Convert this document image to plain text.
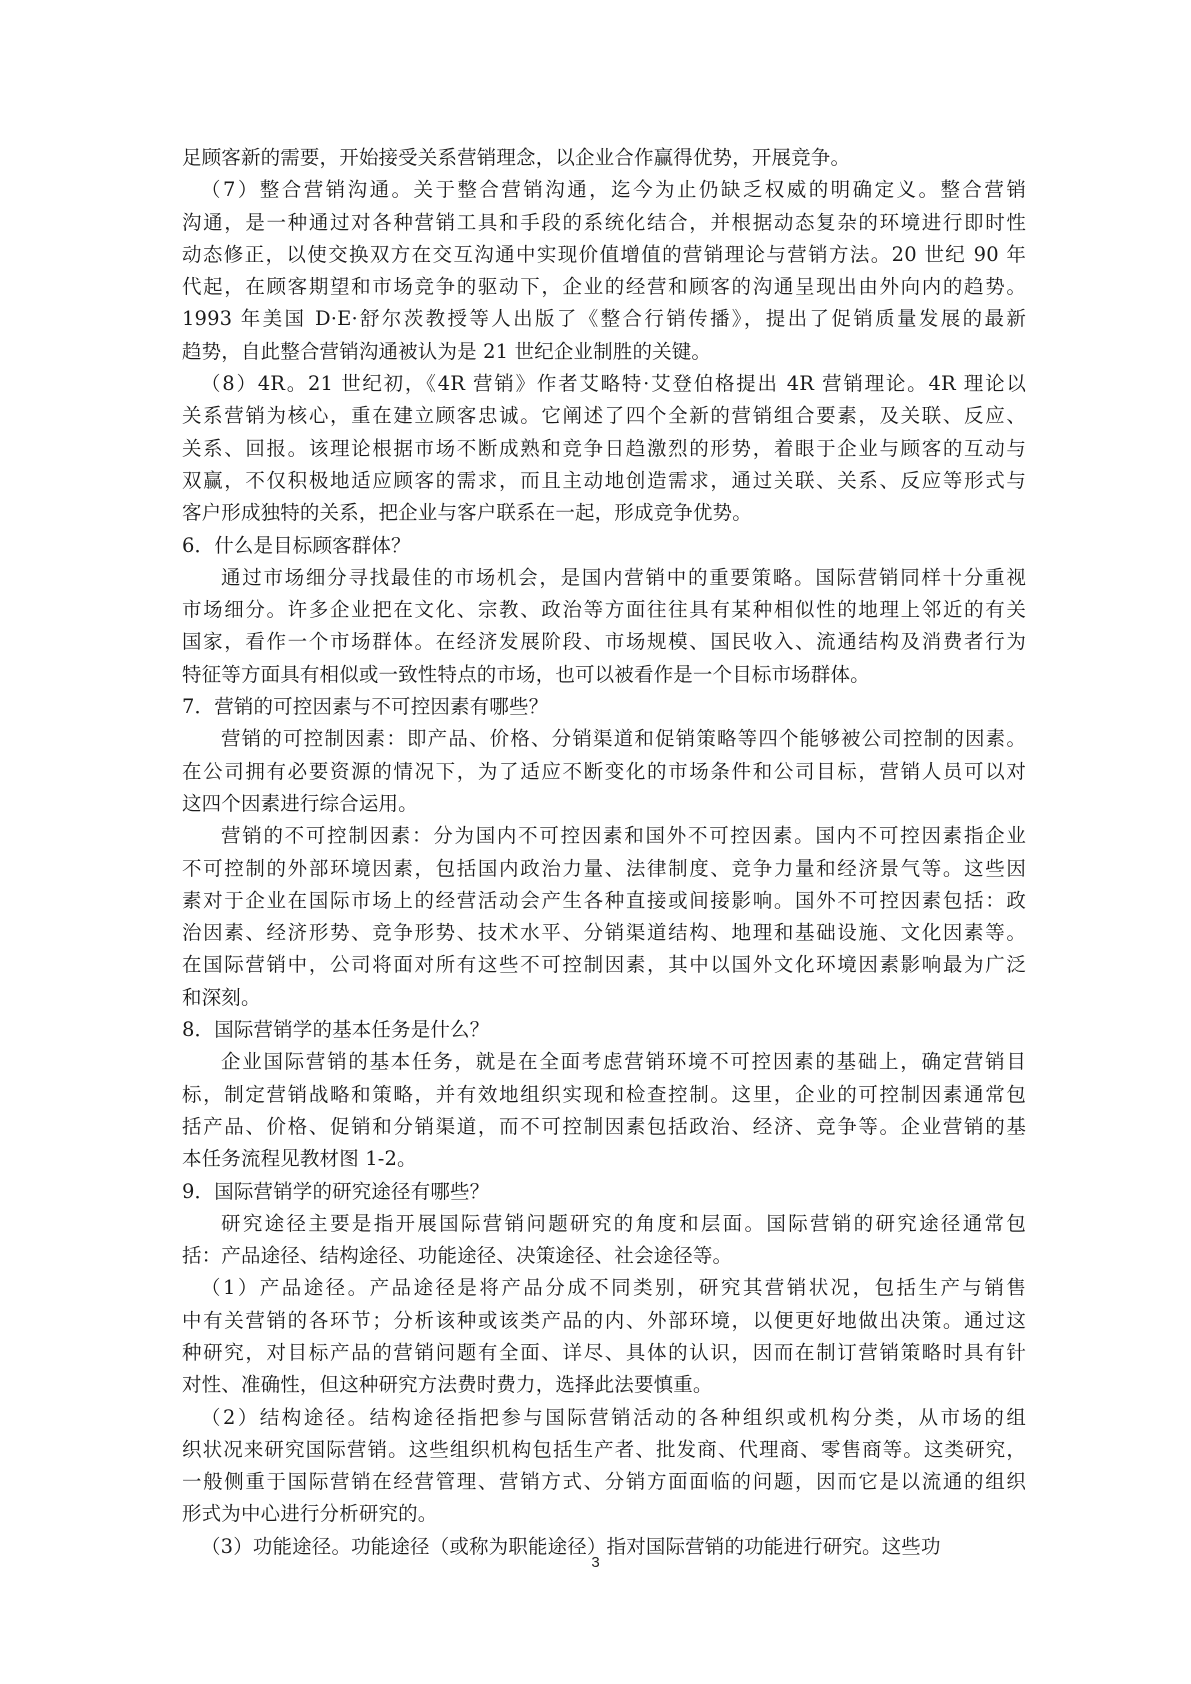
足顾客新的需要，开始接受关系营销理念，以企业合作赢得优势，开展竞争。

（7）整合营销沟通。关于整合营销沟通，迄今为止仍缺乏权威的明确定义。整合营销

沟通，是一种通过对各种营销工具和手段的系统化结合，并根据动态复杂的环境进行即时性

动态修正，以使交换双方在交互沟通中实现价值增值的营销理论与营销方法。20 世纪 90 年

代起，在顾客期望和市场竞争的驱动下，企业的经营和顾客的沟通呈现出由外向内的趋势。

1993 年美国 D·E·舒尔茨教授等人出版了《整合行销传播》，提出了促销质量发展的最新

趋势，自此整合营销沟通被认为是 21 世纪企业制胜的关键。

（8）4R。21 世纪初，《4R 营销》作者艾略特·艾登伯格提出 4R 营销理论。4R 理论以

关系营销为核心，重在建立顾客忠诚。它阐述了四个全新的营销组合要素，及关联、反应、

关系、回报。该理论根据市场不断成熟和竞争日趋激烈的形势，着眼于企业与顾客的互动与

双赢，不仅积极地适应顾客的需求，而且主动地创造需求，通过关联、关系、反应等形式与

客户形成独特的关系，把企业与客户联系在一起，形成竞争优势。

6．什么是目标顾客群体？

通过市场细分寻找最佳的市场机会，是国内营销中的重要策略。国际营销同样十分重视

市场细分。许多企业把在文化、宗教、政治等方面往往具有某种相似性的地理上邻近的有关

国家，看作一个市场群体。在经济发展阶段、市场规模、国民收入、流通结构及消费者行为

特征等方面具有相似或一致性特点的市场，也可以被看作是一个目标市场群体。

7．营销的可控因素与不可控因素有哪些？

营销的可控制因素：即产品、价格、分销渠道和促销策略等四个能够被公司控制的因素。

在公司拥有必要资源的情况下，为了适应不断变化的市场条件和公司目标，营销人员可以对

这四个因素进行综合运用。

营销的不可控制因素：分为国内不可控因素和国外不可控因素。国内不可控因素指企业

不可控制的外部环境因素，包括国内政治力量、法律制度、竞争力量和经济景气等。这些因

素对于企业在国际市场上的经营活动会产生各种直接或间接影响。国外不可控因素包括：政

治因素、经济形势、竞争形势、技术水平、分销渠道结构、地理和基础设施、文化因素等。

在国际营销中，公司将面对所有这些不可控制因素，其中以国外文化环境因素影响最为广泛

和深刻。

8．国际营销学的基本任务是什么？

企业国际营销的基本任务，就是在全面考虑营销环境不可控因素的基础上，确定营销目

标，制定营销战略和策略，并有效地组织实现和检查控制。这里，企业的可控制因素通常包

括产品、价格、促销和分销渠道，而不可控制因素包括政治、经济、竞争等。企业营销的基

本任务流程见教材图 1-2。

9．国际营销学的研究途径有哪些？

研究途径主要是指开展国际营销问题研究的角度和层面。国际营销的研究途径通常包

括：产品途径、结构途径、功能途径、决策途径、社会途径等。

（1）产品途径。产品途径是将产品分成不同类别，研究其营销状况，包括生产与销售

中有关营销的各环节；分析该种或该类产品的内、外部环境，以便更好地做出决策。通过这

种研究，对目标产品的营销问题有全面、详尽、具体的认识，因而在制订营销策略时具有针

对性、准确性，但这种研究方法费时费力，选择此法要慎重。

（2）结构途径。结构途径指把参与国际营销活动的各种组织或机构分类，从市场的组

织状况来研究国际营销。这些组织机构包括生产者、批发商、代理商、零售商等。这类研究，

一般侧重于国际营销在经营管理、营销方式、分销方面面临的问题，因而它是以流通的组织

形式为中心进行分析研究的。

（3）功能途径。功能途径（或称为职能途径）指对国际营销的功能进行研究。这些功

3
